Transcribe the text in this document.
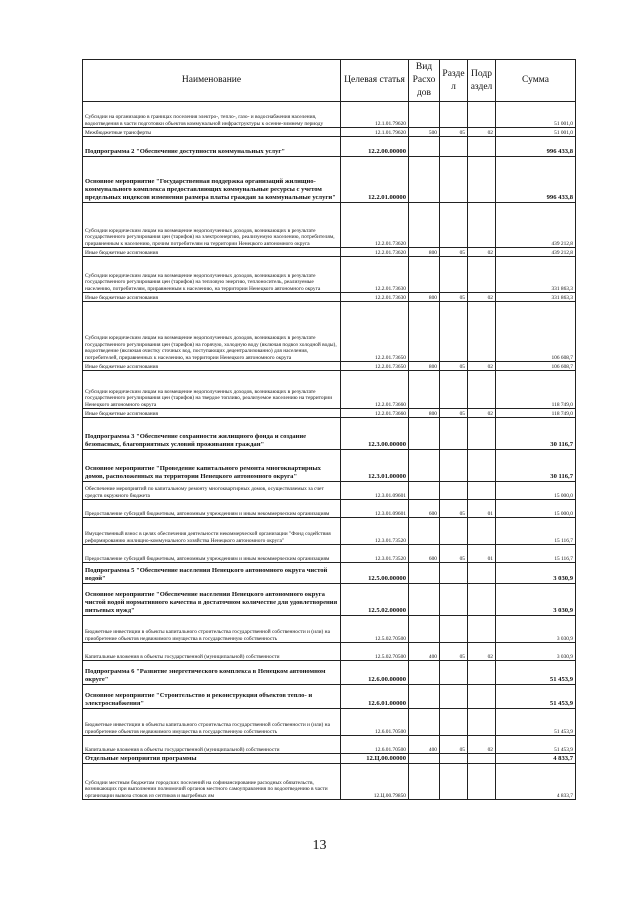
Наименование	Целевая статья	Вид Расхо дов	Разде л	Подр аздел	Сумма
Субсидии на организацию в границах поселения электро-, тепло-, газо- и водоснабжения населения, водоотведения в части подготовки объектов коммунальной инфраструктуры к осенне-зимнему периоду	12.1.01.79620				51 001,0
Межбюджетные трансферты	12.1.01.79620	500	05	02	51 001,0
Подпрограмма 2 "Обеспечение доступности коммунальных услуг"	12.2.00.00000				996 433,8
Основное мероприятие "Государственная поддержка организаций жилищно-коммунального комплекса предоставляющих коммунальные ресурсы с учетом предельных индексов изменения размера платы граждан за коммунальные услуги"	12.2.01.00000				996 433,8
Субсидии юридическим лицам на возмещение недополученных доходов, возникающих в результате государственного регулирования цен (тарифов) на электроэнергию, реализуемую населению, потребителям, приравненным к населению, прочим потребителям на территории Ненецкого автономного округа	12.2.01.73620				439 212,8
Иные бюджетные ассигнования	12.2.01.73620	800	05	02	439 212,8
Субсидии юридическим лицам на возмещение недополученных доходов, возникающих в результате государственного регулирования цен (тарифов) на тепловую энергию, теплоноситель, реализуемые населению, потребителям, приравненным к населению, на территории Ненецкого автономного округа	12.2.01.73630				331 863,3
Иные бюджетные ассигнования	12.2.01.73630	800	05	02	331 863,3
Субсидии юридическим лицам на возмещение недополученных доходов, возникающих в результате государственного регулирования цен (тарифов) на горячую, холодную воду (включая подвоз холодной воды), водоотведение (включая очистку сточных вод, поступающих децентрализованно) для населения, потребителей, приравненных к населению, на территории Ненецкого автономного округа	12.2.01.73650				106 608,7
Иные бюджетные ассигнования	12.2.01.73650	800	05	02	106 608,7
Субсидии юридическим лицам на возмещение недополученных доходов, возникающих в результате государственного регулирования цен (тарифов) на твердое топливо, реализуемое населению на территории Ненецкого автономного округа	12.2.01.73660				118 749,0
Иные бюджетные ассигнования	12.2.01.73660	800	05	02	118 749,0
Подпрограмма 3 "Обеспечение сохранности жилищного фонда и создание безопасных, благоприятных условий проживания граждан"	12.3.00.00000				30 116,7
Основное мероприятие "Проведение капитального ремонта многоквартирных домов, расположенных на территории Ненецкого автономного округа"	12.3.01.00000				30 116,7
Обеспечение мероприятий по капитальному ремонту многоквартирных домов, осуществляемых за счет средств окружного бюджета	12.3.01.09601				15 000,0
Предоставление субсидий бюджетным, автономным учреждениям и иным некоммерческим организациям	12.3.01.09601	600	05	01	15 000,0
Имущественный взнос в целях обеспечения деятельности некоммерческой организации "Фонд содействия реформированию жилищно-коммунального хозяйства Ненецкого автономного округа"	12.3.01.73520				15 116,7
Предоставление субсидий бюджетным, автономным учреждениям и иным некоммерческим организациям	12.3.01.73520	600	05	01	15 116,7
Подпрограмма 5 "Обеспечение населения Ненецкого автономного округа чистой водой"	12.5.00.00000				3 030,9
Основное мероприятие "Обеспечение населения Ненецкого автономного округа чистой водой нормативного качества в достаточном количестве для удовлетворения питьевых нужд"	12.5.02.00000				3 030,9
Бюджетные инвестиции в объекты капитального строительства государственной собственности и (или) на приобретение объектов недвижимого имущества в государственную собственность	12.5.02.70500				3 030,9
Капитальные вложения в объекты государственной (муниципальной) собственности	12.5.02.70500	400	05	02	3 030,9
Подпрограмма 6 "Развитие энергетического комплекса в Ненецком автономном округе"	12.6.00.00000				51 453,9
Основное мероприятие "Строительство и реконструкция объектов тепло- и электроснабжения"	12.6.01.00000				51 453,9
Бюджетные инвестиции в объекты капитального строительства государственной собственности и (или) на приобретение объектов недвижимого имущества в государственную собственность	12.6.01.70500				51 453,9
Капитальные вложения в объекты государственной (муниципальной) собственности	12.6.01.70500	400	05	02	51 453,9
Отдельные мероприятия программы	12.Ц.00.00000				4 833,7
Субсидии местным бюджетам городских поселений на софинансирование расходных обязательств, возникающих при выполнении полномочий органов местного самоуправления по водоотведению в части организации вывоза стоков из септиков и выгребных ям	12.Ц.00.79850				4 833,7
13
